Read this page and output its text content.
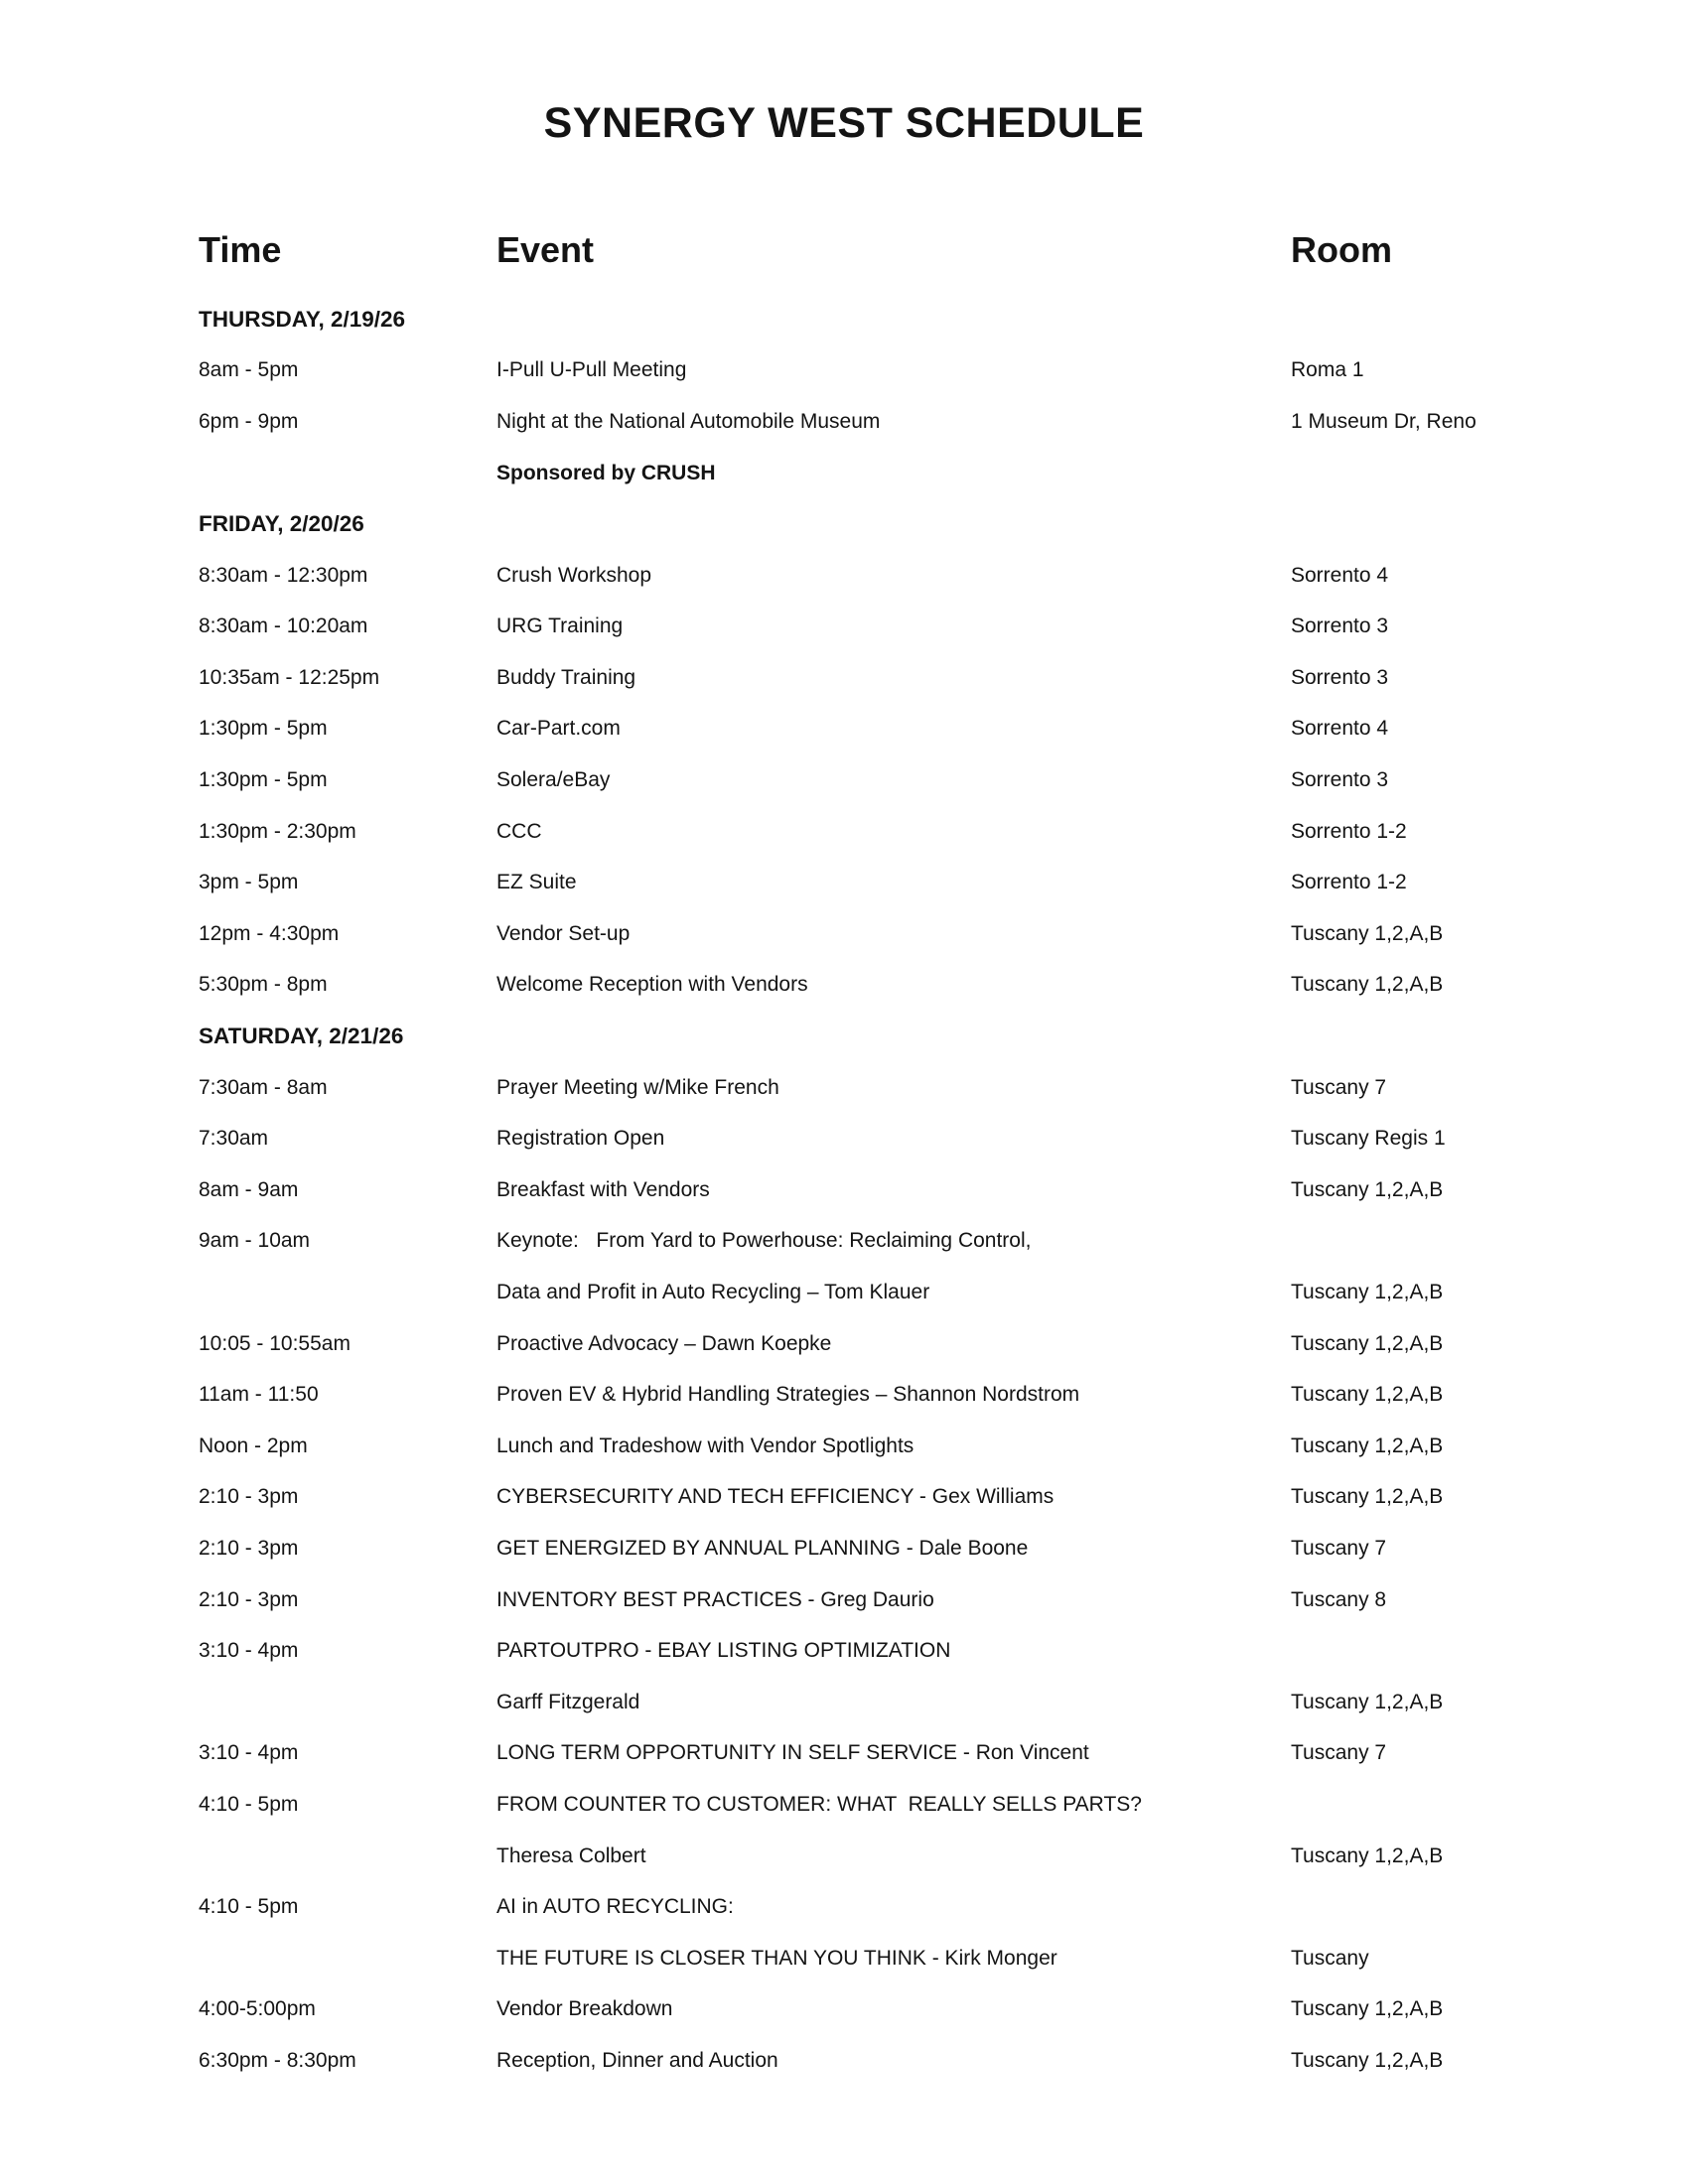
SYNERGY WEST SCHEDULE
Time	Event	Room
THURSDAY, 2/19/26
8am - 5pm	I-Pull U-Pull Meeting	Roma 1
6pm - 9pm	Night at the National Automobile Museum	1 Museum Dr, Reno
Sponsored by CRUSH
FRIDAY, 2/20/26
8:30am - 12:30pm	Crush Workshop	Sorrento 4
8:30am - 10:20am	URG Training	Sorrento 3
10:35am - 12:25pm	Buddy Training	Sorrento 3
1:30pm - 5pm	Car-Part.com	Sorrento 4
1:30pm - 5pm	Solera/eBay	Sorrento 3
1:30pm - 2:30pm	CCC	Sorrento 1-2
3pm - 5pm	EZ Suite	Sorrento 1-2
12pm - 4:30pm	Vendor Set-up	Tuscany 1,2,A,B
5:30pm - 8pm	Welcome Reception with Vendors	Tuscany 1,2,A,B
SATURDAY, 2/21/26
7:30am - 8am	Prayer Meeting w/Mike French	Tuscany 7
7:30am	Registration Open	Tuscany Regis 1
8am - 9am	Breakfast with Vendors	Tuscany 1,2,A,B
9am - 10am	Keynote:   From Yard to Powerhouse: Reclaiming Control,
Data and Profit in Auto Recycling – Tom Klauer	Tuscany 1,2,A,B
10:05 - 10:55am	Proactive Advocacy – Dawn Koepke	Tuscany 1,2,A,B
11am - 11:50	Proven EV & Hybrid Handling Strategies – Shannon Nordstrom	Tuscany 1,2,A,B
Noon - 2pm	Lunch and Tradeshow with Vendor Spotlights	Tuscany 1,2,A,B
2:10 - 3pm	CYBERSECURITY AND TECH EFFICIENCY - Gex Williams	Tuscany 1,2,A,B
2:10 - 3pm	GET ENERGIZED BY ANNUAL PLANNING - Dale Boone	Tuscany 7
2:10 - 3pm	INVENTORY BEST PRACTICES - Greg Daurio	Tuscany 8
3:10 - 4pm	PARTOUTPRO - EBAY LISTING OPTIMIZATION
Garff Fitzgerald	Tuscany 1,2,A,B
3:10 - 4pm	LONG TERM OPPORTUNITY IN SELF SERVICE - Ron Vincent	Tuscany 7
4:10 - 5pm	FROM COUNTER TO CUSTOMER: WHAT  REALLY SELLS PARTS?
Theresa Colbert	Tuscany 1,2,A,B
4:10 - 5pm	AI in AUTO RECYCLING:
THE FUTURE IS CLOSER THAN YOU THINK - Kirk Monger	Tuscany
4:00-5:00pm	Vendor Breakdown	Tuscany 1,2,A,B
6:30pm - 8:30pm	Reception, Dinner and Auction	Tuscany 1,2,A,B
